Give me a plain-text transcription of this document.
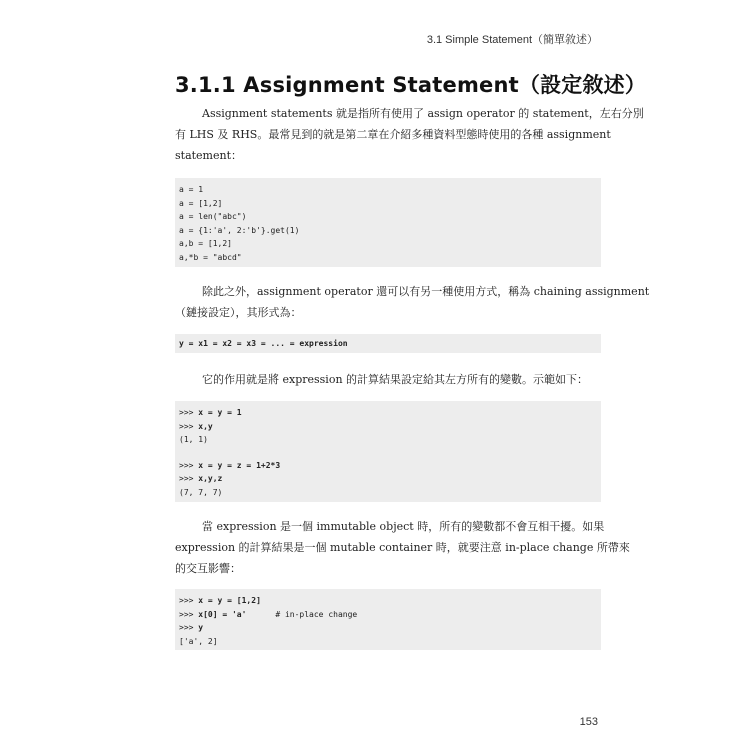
3.1 Simple Statement（簡單敘述）
3.1.1 Assignment Statement（設定敘述）
Assignment statements 就是指所有使用了 assign operator 的 statement，左右分別
有 LHS 及 RHS。最常見到的就是第二章在介紹多種資料型態時使用的各種 assignment
statement：
a = 1
a = [1,2]
a = len("abc")
a = {1:'a', 2:'b'}.get(1)
a,b = [1,2]
a,*b = "abcd"
除此之外，assignment operator 還可以有另一種使用方式，稱為 chaining assignment
（鏈接設定），其形式為：
y = x1 = x2 = x3 = ... = expression
它的作用就是將 expression 的計算結果設定給其左方所有的變數。示範如下：
>>> x = y = 1
>>> x,y
(1, 1)
>>> x = y = z = 1+2*3
>>> x,y,z
(7, 7, 7)
當 expression 是一個 immutable object 時，所有的變數都不會互相干擾。如果
expression 的計算結果是一個 mutable container 時，就要注意 in-place change 所帶來
的交互影響：
>>> x = y = [1,2]
>>> x[0] = 'a'      # in-place change
>>> y
['a', 2]
153
